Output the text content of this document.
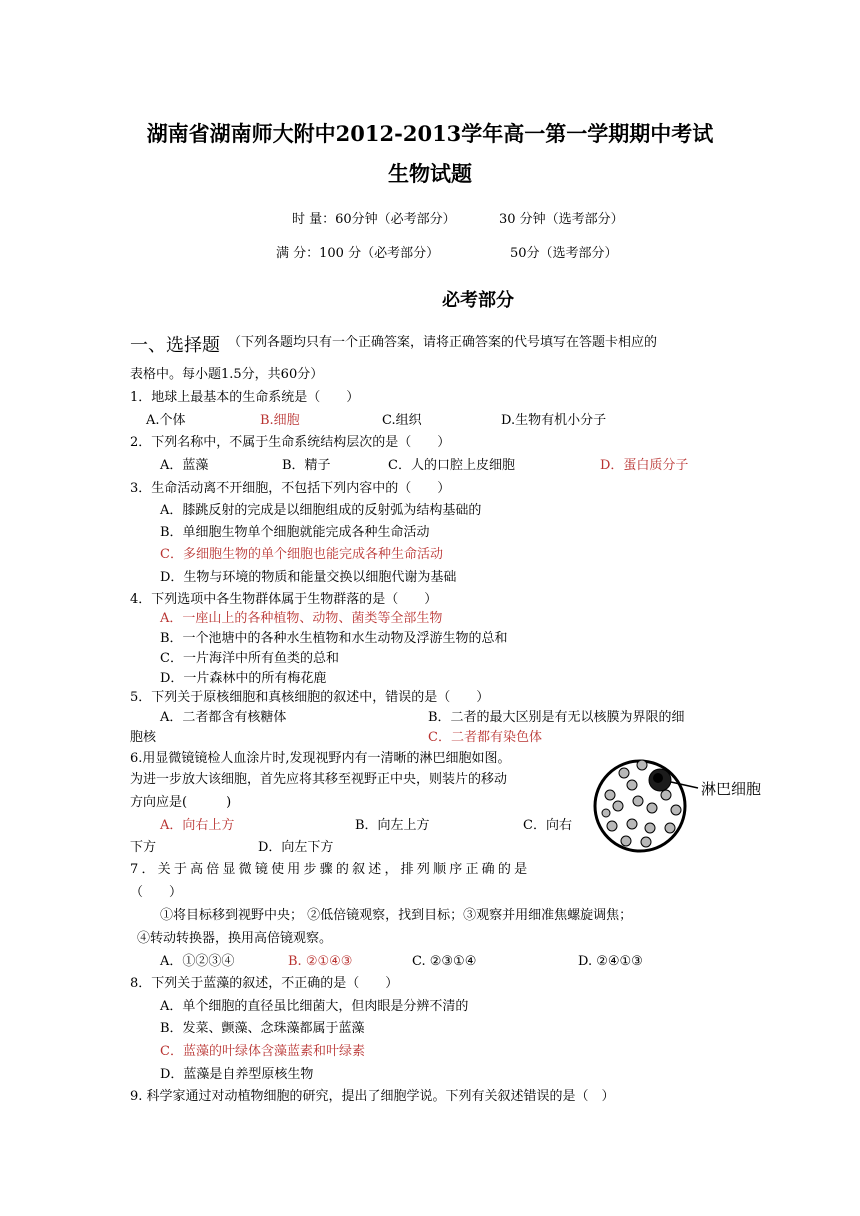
湖南省湖南师大附中2012-2013学年高一第一学期期中考试
生物试题
时 量：60分钟（必考部分）	30 分钟（选考部分）
满 分：100 分（必考部分）	50分（选考部分）
必考部分
一、选择题 （下列各题均只有一个正确答案，请将正确答案的代号填写在答题卡相应的
表格中。每小题1.5分，共60分）
1．地球上最基本的生命系统是（　　）
A.个体	B.细胞	C.组织	D.生物有机小分子
2．下列名称中，不属于生命系统结构层次的是（　　）
A．蓝藻	B．精子	C．人的口腔上皮细胞	D．蛋白质分子
3．生命活动离不开细胞，不包括下列内容中的（　　）
A．膝跳反射的完成是以细胞组成的反射弧为结构基础的
B．单细胞生物单个细胞就能完成各种生命活动
C．多细胞生物的单个细胞也能完成各种生命活动
D．生物与环境的物质和能量交换以细胞代谢为基础
4．下列选项中各生物群体属于生物群落的是（　　）
A．一座山上的各种植物、动物、菌类等全部生物
B．一个池塘中的各种水生植物和水生动物及浮游生物的总和
C．一片海洋中所有鱼类的总和
D．一片森林中的所有梅花鹿
5．下列关于原核细胞和真核细胞的叙述中，错误的是（　　）
A．二者都含有核糖体	B．二者的最大区别是有无以核膜为界限的细
胞核	C．二者都有染色体
6.用显微镜镜检人血涂片时,发现视野内有一清晰的淋巴细胞如图。
为进一步放大该细胞，首先应将其移至视野正中央，则装片的移动
方向应是(　　　)
A．向右上方	B．向左上方	C．向右
下方	D．向左下方
淋巴细胞
7．关于高倍显微镜使用步骤的叙述，排列顺序正确的是
（　　）
①将目标移到视野中央； ②低倍镜观察，找到目标；③观察并用细准焦螺旋调焦；
④转动转换器，换用高倍镜观察。
A．①②③④	B. ②①④③	C. ②③①④	D. ②④①③
8．下列关于蓝藻的叙述，不正确的是（　　）
A．单个细胞的直径虽比细菌大，但肉眼是分辨不清的
B．发菜、颤藻、念珠藻都属于蓝藻
C．蓝藻的叶绿体含藻蓝素和叶绿素
D．蓝藻是自养型原核生物
9. 科学家通过对动植物细胞的研究，提出了细胞学说。下列有关叙述错误的是（　）
